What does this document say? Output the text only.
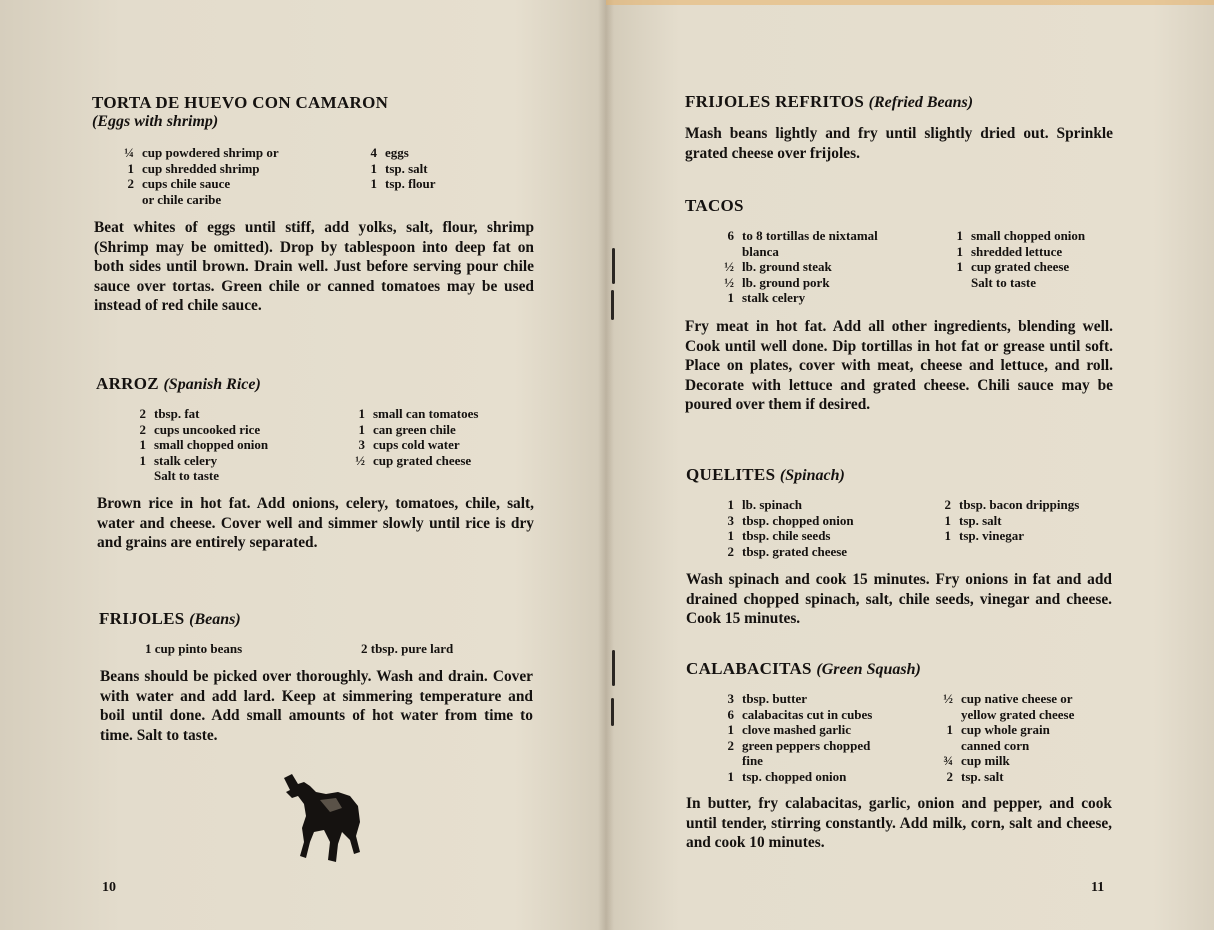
TORTA DE HUEVO CON CAMARON
(Eggs with shrimp)
¼ cup powdered shrimp or
1 cup shredded shrimp
2 cups chile sauce
or chile caribe
4 eggs
1 tsp. salt
1 tsp. flour

Beat whites of eggs until stiff, add yolks, salt, flour, shrimp (Shrimp may be omitted). Drop by tablespoon into deep fat on both sides until brown. Drain well. Just before serving pour chile sauce over tortas. Green chile or canned tomatoes may be used instead of red chile sauce.

ARROZ (Spanish Rice)
2 tbsp. fat
2 cups uncooked rice
1 small chopped onion
1 stalk celery
Salt to taste
1 small can tomatoes
1 can green chile
3 cups cold water
½ cup grated cheese

Brown rice in hot fat. Add onions, celery, tomatoes, chile, salt, water and cheese. Cover well and simmer slowly until rice is dry and grains are entirely separated.

FRIJOLES (Beans)
1 cup pinto beans	2 tbsp. pure lard

Beans should be picked over thoroughly. Wash and drain. Cover with water and add lard. Keep at simmering temperature and boil until done. Add small amounts of hot water from time to time. Salt to taste.

10
FRIJOLES REFRITOS (Refried Beans)

Mash beans lightly and fry until slightly dried out. Sprinkle grated cheese over frijoles.

TACOS
6 to 8 tortillas de nixtamal
blanca
½ lb. ground steak
½ lb. ground pork
1 stalk celery
1 small chopped onion
1 shredded lettuce
1 cup grated cheese
Salt to taste

Fry meat in hot fat. Add all other ingredients, blending well. Cook until well done. Dip tortillas in hot fat or grease until soft. Place on plates, cover with meat, cheese and lettuce, and roll. Decorate with lettuce and grated cheese. Chili sauce may be poured over them if desired.

QUELITES (Spinach)
1 lb. spinach
3 tbsp. chopped onion
1 tbsp. chile seeds
2 tbsp. grated cheese
2 tbsp. bacon drippings
1 tsp. salt
1 tsp. vinegar

Wash spinach and cook 15 minutes. Fry onions in fat and add drained chopped spinach, salt, chile seeds, vinegar and cheese. Cook 15 minutes.

CALABACITAS (Green Squash)
3 tbsp. butter
6 calabacitas cut in cubes
1 clove mashed garlic
2 green peppers chopped
fine
1 tsp. chopped onion
½ cup native cheese or
yellow grated cheese
1 cup whole grain
canned corn
¾ cup milk
2 tsp. salt

In butter, fry calabacitas, garlic, onion and pepper, and cook until tender, stirring constantly. Add milk, corn, salt and cheese, and cook 10 minutes.

11
